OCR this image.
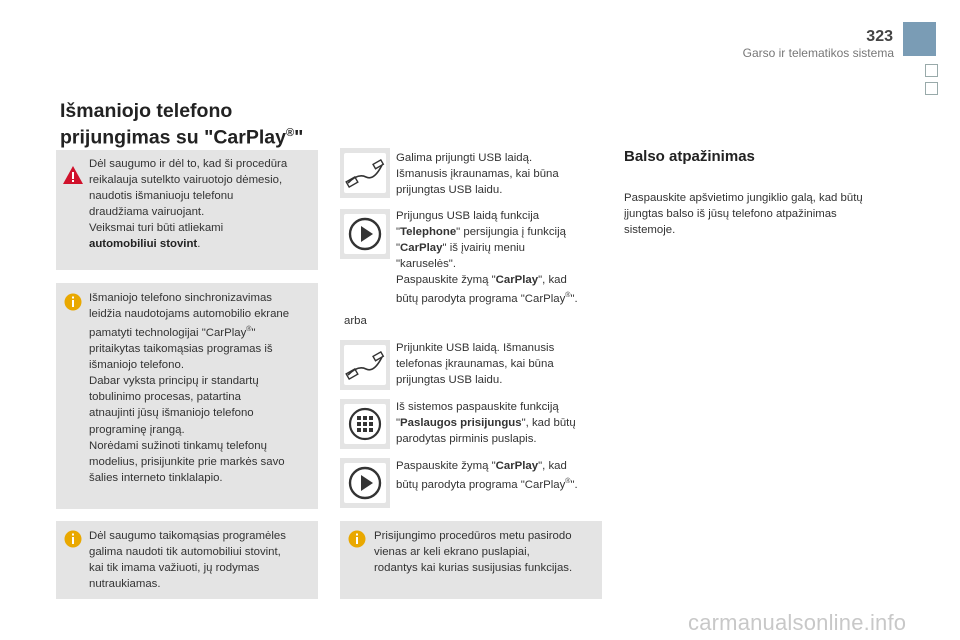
323
Garso ir telematikos sistema
Išmaniojo telefono
prijungimas su "CarPlay®"
Dėl saugumo ir dėl to, kad ši procedūra
reikalauja sutelkto vairuotojo dėmesio,
naudotis išmaniuoju telefonu
draudžiama vairuojant.
Veiksmai turi būti atliekami
automobiliui stovint.
Išmaniojo telefono sinchronizavimas
leidžia naudotojams automobilio ekrane
pamatyti technologijai "CarPlay®"
pritaikytas taikomąsias programas iš
išmaniojo telefono.
Dabar vyksta principų ir standartų
tobulinimo procesas, patartina
atnaujinti jūsų išmaniojo telefono
programinę įrangą.
Norėdami sužinoti tinkamų telefonų
modelius, prisijunkite prie markės savo
šalies interneto tinklalapio.
Dėl saugumo taikomąsias programėles
galima naudoti tik automobiliui stovint,
kai tik imama važiuoti, jų rodymas
nutraukiamas.
Galima prijungti USB laidą.
Išmanusis įkraunamas, kai būna
prijungtas USB laidu.
Prijungus USB laidą funkcija
"Telephone" persijungia į funkciją
"CarPlay" iš įvairių meniu
"karuselės".
Paspauskite žymą "CarPlay", kad
būtų parodyta programa "CarPlay®".
arba
Prijunkite USB laidą. Išmanusis
telefonas įkraunamas, kai būna
prijungtas USB laidu.
Iš sistemos paspauskite funkciją
"Paslaugos prisijungus", kad būtų
parodytas pirminis puslapis.
Paspauskite žymą "CarPlay", kad
būtų parodyta programa "CarPlay®".
Prisijungimo procedūros metu pasirodo
vienas ar keli ekrano puslapiai,
rodantys kai kurias susijusias funkcijas.
Balso atpažinimas
Paspauskite apšvietimo jungiklio galą, kad būtų
įjungtas balso iš jūsų telefono atpažinimas
sistemoje.
carmanualsonline.info
